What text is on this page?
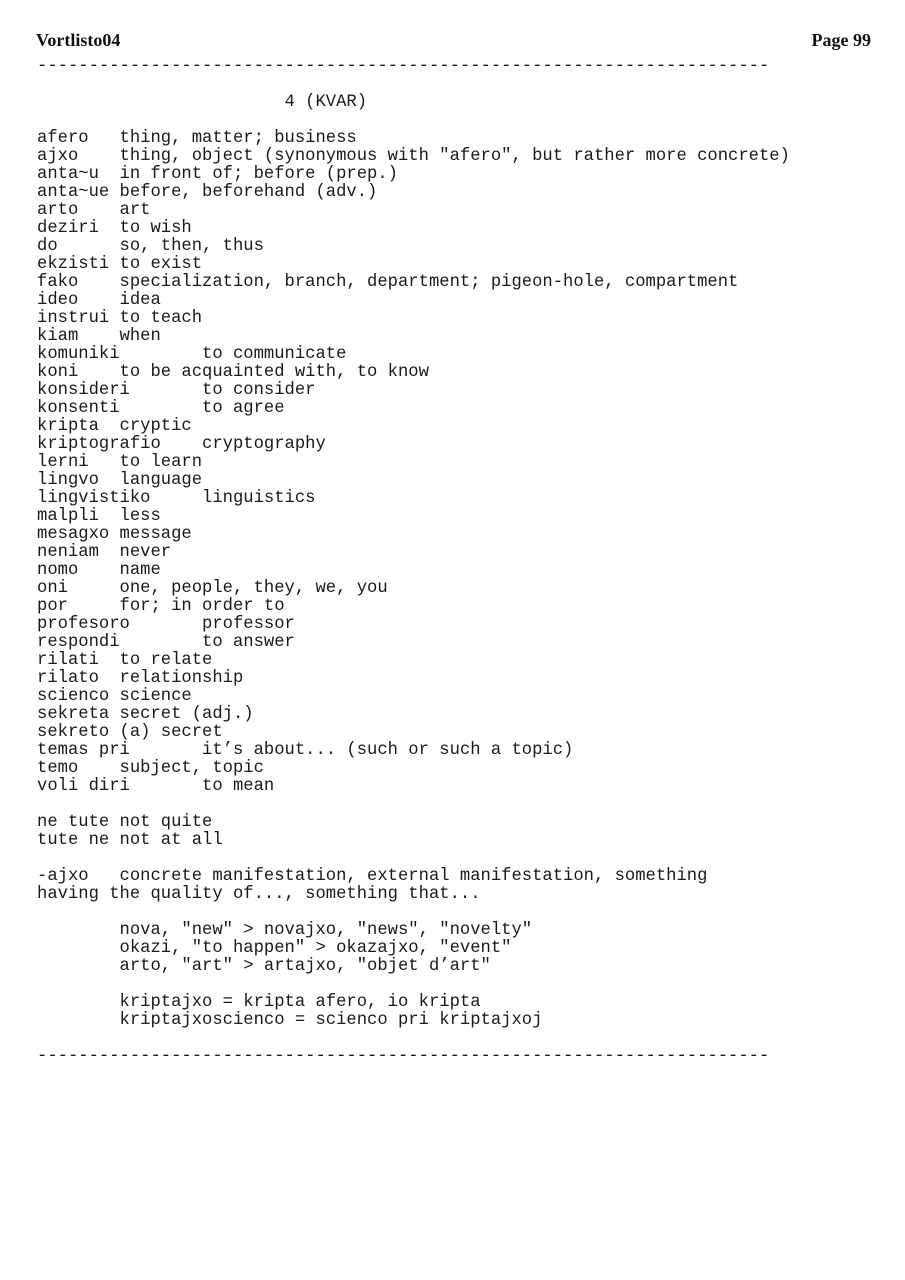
Vortlisto04	Page 99
-----------------------------------------------------------------------
4 (KVAR)
afero   thing, matter; business
ajxo    thing, object (synonymous with "afero", but rather more concrete)
anta~u  in front of; before (prep.)
anta~ue before, beforehand (adv.)
arto    art
deziri  to wish
do      so, then, thus
ekzisti to exist
fako    specialization, branch, department; pigeon-hole, compartment
ideo    idea
instrui to teach
kiam    when
komuniki        to communicate
koni    to be acquainted with, to know
konsideri       to consider
konsenti        to agree
kripta  cryptic
kriptografio    cryptography
lerni   to learn
lingvo  language
lingvistiko     linguistics
malpli  less
mesagxo message
neniam  never
nomo    name
oni     one, people, they, we, you
por     for; in order to
profesoro       professor
respondi        to answer
rilati  to relate
rilato  relationship
scienco science
sekreta secret (adj.)
sekreto (a) secret
temas pri       it’s about... (such or such a topic)
temo    subject, topic
voli diri       to mean
ne tute not quite
tute ne not at all
-ajxo   concrete manifestation, external manifestation, something
having the quality of..., something that...
nova, "new" > novajxo, "news", "novelty"
okazi, "to happen" > okazajxo, "event"
arto, "art" > artajxo, "objet d’art"
kriptajxo = kripta afero, io kripta
kriptajxoscienco = scienco pri kriptajxoj
-----------------------------------------------------------------------
